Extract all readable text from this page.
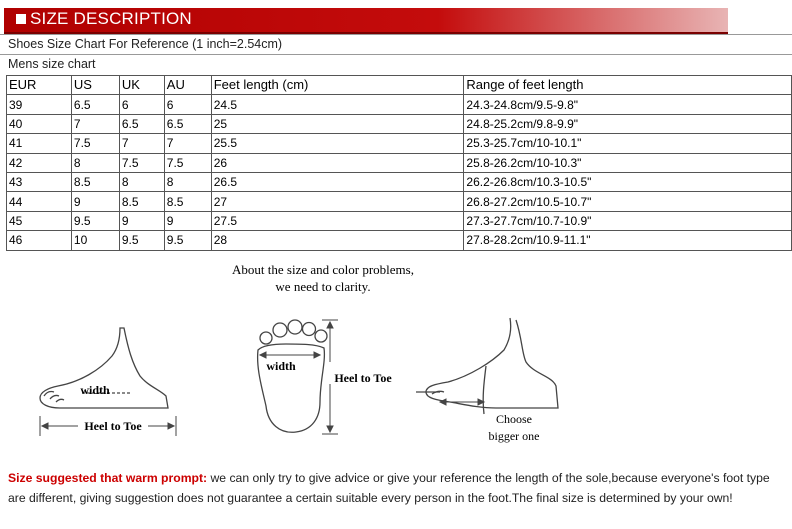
SIZE DESCRIPTION
Shoes Size Chart For Reference (1 inch=2.54cm)
Mens size chart
EUR	US	UK	AU	Feet length (cm)	Range of feet length
39	6.5	6	6	24.5	24.3-24.8cm/9.5-9.8"
40	7	6.5	6.5	25	24.8-25.2cm/9.8-9.9"
41	7.5	7	7	25.5	25.3-25.7cm/10-10.1"
42	8	7.5	7.5	26	25.8-26.2cm/10-10.3"
43	8.5	8	8	26.5	26.2-26.8cm/10.3-10.5"
44	9	8.5	8.5	27	26.8-27.2cm/10.5-10.7"
45	9.5	9	9	27.5	27.3-27.7cm/10.7-10.9"
46	10	9.5	9.5	28	27.8-28.2cm/10.9-11.1"
About the size and color problems,
we need to clarity.
width
Heel to Toe
width
Heel to Toe
Choose
bigger one
Size suggested that warm prompt: we can only try to give advice or give your reference the length of the sole,because everyone's foot type are different, giving suggestion does not guarantee a certain suitable every person in the foot.The final size is determined by your own!
